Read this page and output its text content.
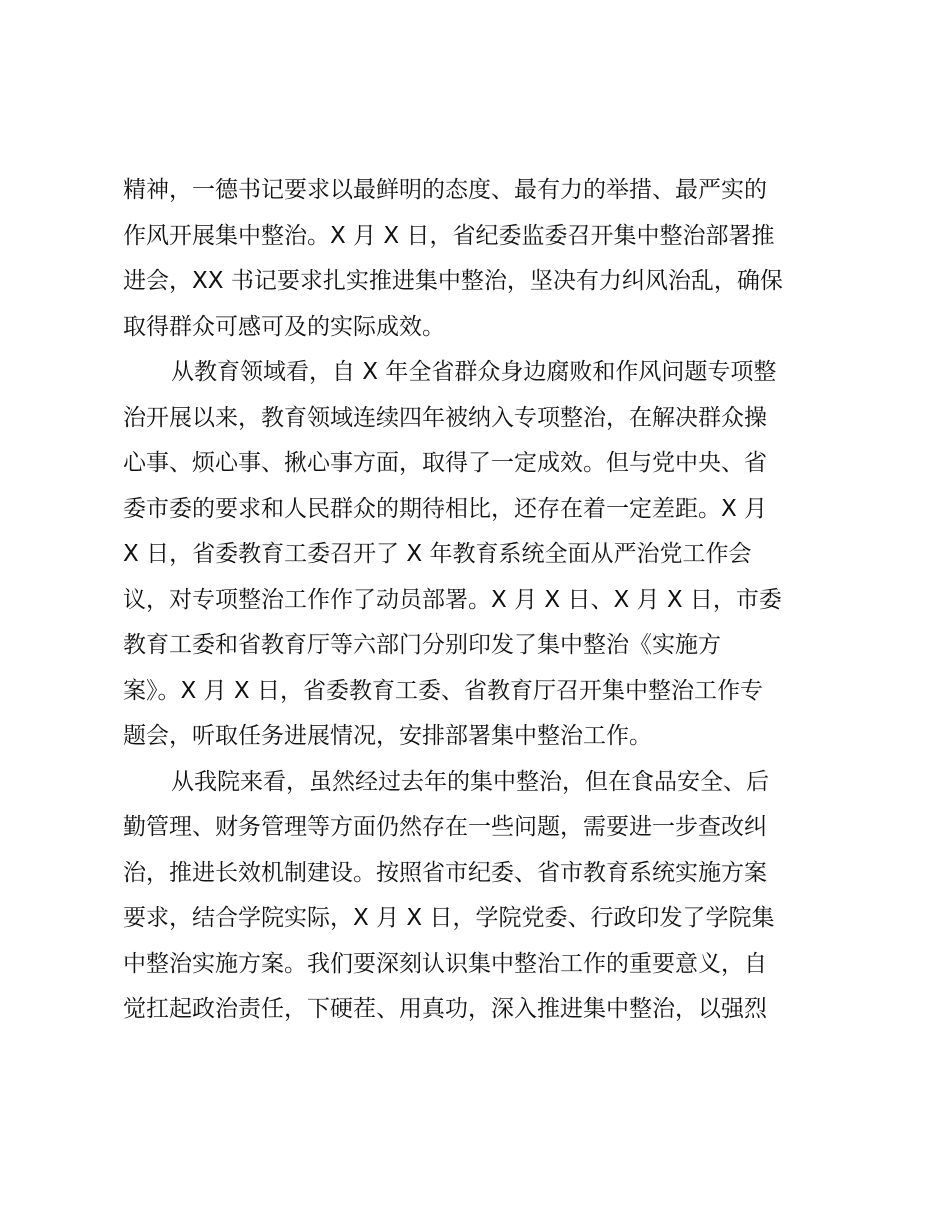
精神，一德书记要求以最鲜明的态度、最有力的举措、最严实的
作风开展集中整治。X 月 X 日，省纪委监委召开集中整治部署推
进会，XX 书记要求扎实推进集中整治，坚决有力纠风治乱，确保
取得群众可感可及的实际成效。
从教育领域看，自 X 年全省群众身边腐败和作风问题专项整
治开展以来，教育领域连续四年被纳入专项整治，在解决群众操
心事、烦心事、揪心事方面，取得了一定成效。但与党中央、省
委市委的要求和人民群众的期待相比，还存在着一定差距。X 月
X 日，省委教育工委召开了 X 年教育系统全面从严治党工作会
议，对专项整治工作作了动员部署。X 月 X 日、X 月 X 日，市委
教育工委和省教育厅等六部门分别印发了集中整治《实施方
案》。X 月 X 日，省委教育工委、省教育厅召开集中整治工作专
题会，听取任务进展情况，安排部署集中整治工作。
从我院来看，虽然经过去年的集中整治，但在食品安全、后
勤管理、财务管理等方面仍然存在一些问题，需要进一步查改纠
治，推进长效机制建设。按照省市纪委、省市教育系统实施方案
要求，结合学院实际，X 月 X 日，学院党委、行政印发了学院集
中整治实施方案。我们要深刻认识集中整治工作的重要意义，自
觉扛起政治责任，下硬茬、用真功，深入推进集中整治，以强烈
